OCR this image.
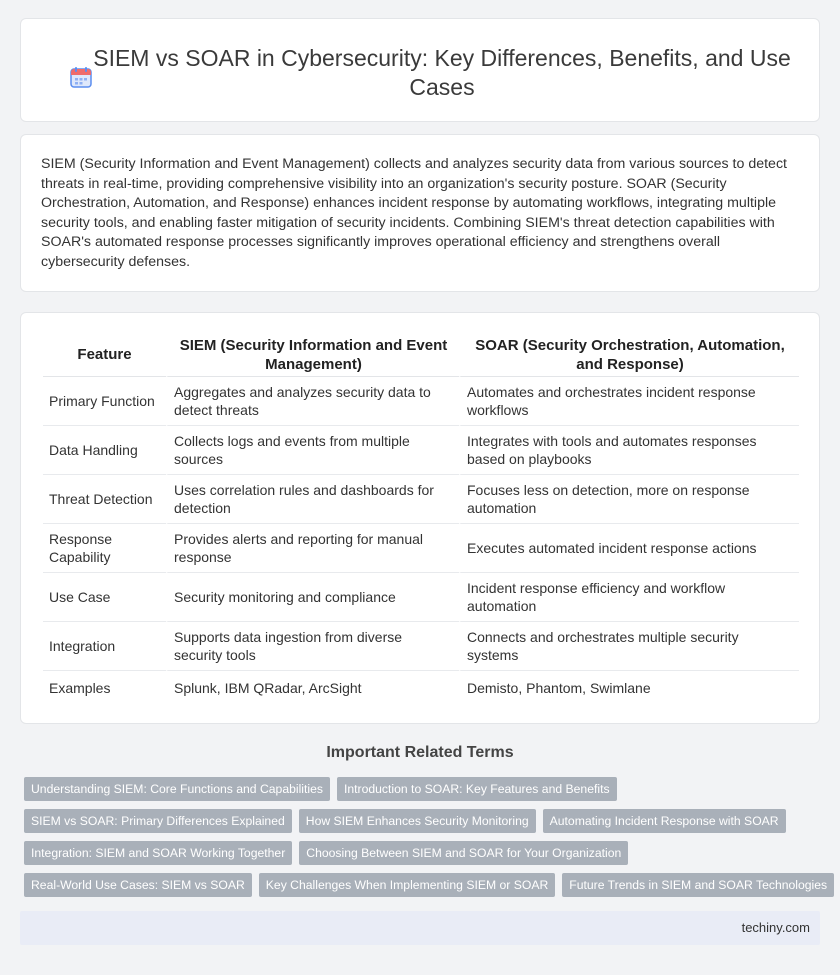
SIEM vs SOAR in Cybersecurity: Key Differences, Benefits, and Use Cases

SIEM (Security Information and Event Management) collects and analyzes security data from various sources to detect threats in real-time, providing comprehensive visibility into an organization's security posture. SOAR (Security Orchestration, Automation, and Response) enhances incident response by automating workflows, integrating multiple security tools, and enabling faster mitigation of security incidents. Combining SIEM's threat detection capabilities with SOAR's automated response processes significantly improves operational efficiency and strengthens overall cybersecurity defenses.

Feature	SIEM (Security Information and Event Management)	SOAR (Security Orchestration, Automation, and Response)
Primary Function	Aggregates and analyzes security data to detect threats	Automates and orchestrates incident response workflows
Data Handling	Collects logs and events from multiple sources	Integrates with tools and automates responses based on playbooks
Threat Detection	Uses correlation rules and dashboards for detection	Focuses less on detection, more on response automation
Response Capability	Provides alerts and reporting for manual response	Executes automated incident response actions
Use Case	Security monitoring and compliance	Incident response efficiency and workflow automation
Integration	Supports data ingestion from diverse security tools	Connects and orchestrates multiple security systems
Examples	Splunk, IBM QRadar, ArcSight	Demisto, Phantom, Swimlane
Important Related Terms
Understanding SIEM: Core Functions and Capabilities	Introduction to SOAR: Key Features and Benefits
SIEM vs SOAR: Primary Differences Explained	How SIEM Enhances Security Monitoring	Automating Incident Response with SOAR
Integration: SIEM and SOAR Working Together	Choosing Between SIEM and SOAR for Your Organization
Real-World Use Cases: SIEM vs SOAR	Key Challenges When Implementing SIEM or SOAR	Future Trends in SIEM and SOAR Technologies
techiny.com
